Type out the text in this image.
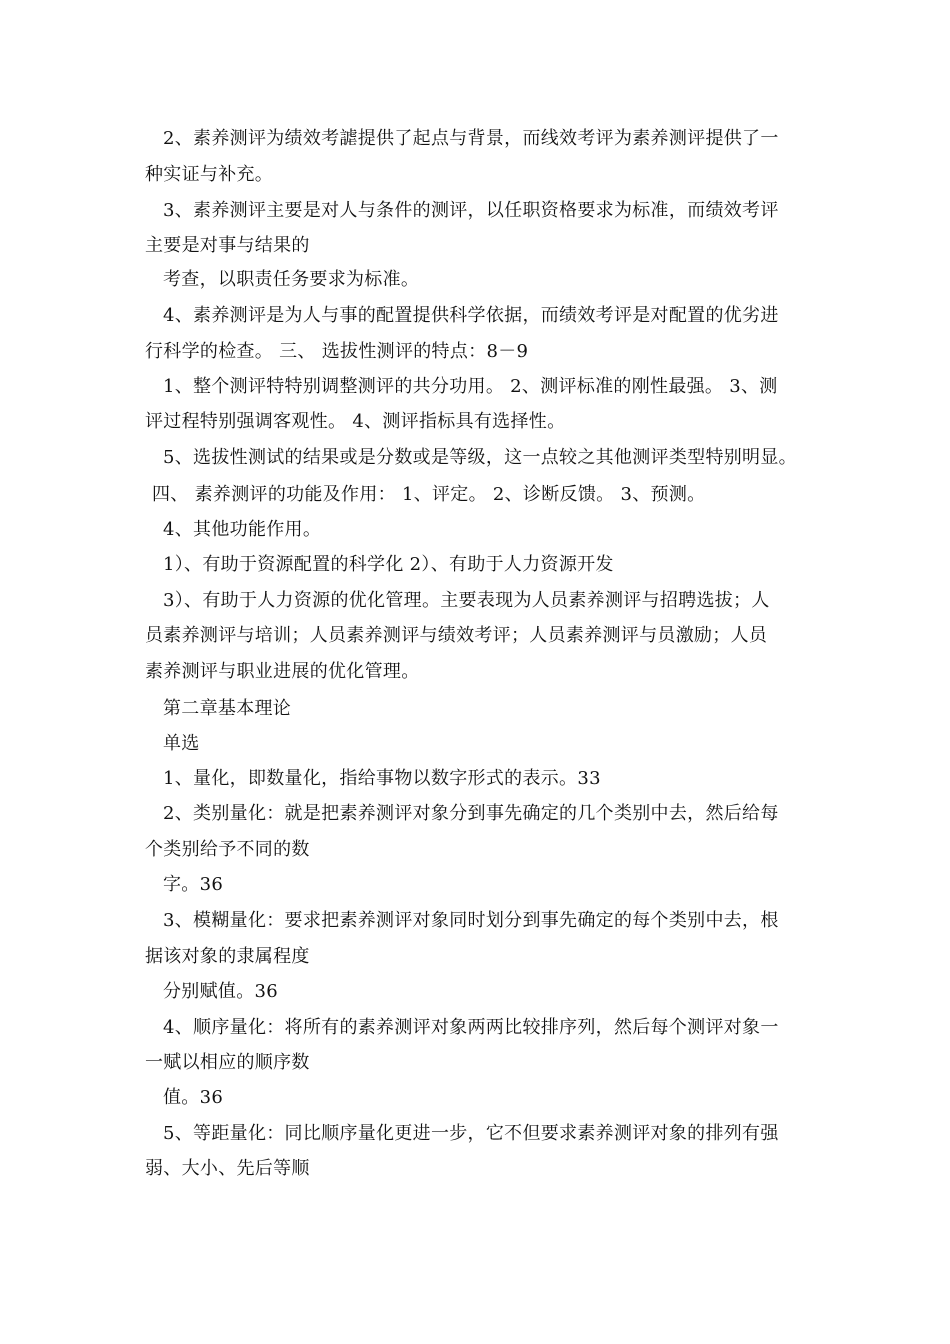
2、素养测评为绩效考謔提供了起点与背景，而线效考评为素养测评提供了一
种实证与补充。
3、素养测评主要是对人与条件的测评，以任职资格要求为标准，而绩效考评
主要是对事与结果的
考查，以职责任务要求为标准。
4、素养测评是为人与事的配置提供科学依据，而绩效考评是对配置的优劣进
行科学的检查。 三、 选拔性测评的特点：8－9
1、整个测评特特别调整测评的共分功用。 2、测评标准的刚性最强。 3、测
评过程特别强调客观性。 4、测评指标具有选择性。
5、选拔性测试的结果或是分数或是等级，这一点较之其他测评类型特别明显。
四、 素养测评的功能及作用： 1、评定。 2、诊断反馈。 3、预测。
4、其他功能作用。
1）、有助于资源配置的科学化 2）、有助于人力资源开发
3）、有助于人力资源的优化管理。主要表现为人员素养测评与招聘选拔；人
员素养测评与培训；人员素养测评与绩效考评；人员素养测评与员激励；人员
素养测评与职业进展的优化管理。
第二章基本理论
单选
1、量化，即数量化，指给事物以数字形式的表示。33
2、类别量化：就是把素养测评对象分到事先确定的几个类别中去，然后给每
个类别给予不同的数
字。36
3、模糊量化：要求把素养测评对象同时划分到事先确定的每个类别中去，根
据该对象的隶属程度
分别赋值。36
4、顺序量化：将所有的素养测评对象两两比较排序列，然后每个测评对象一
一赋以相应的顺序数
值。36
5、等距量化：同比顺序量化更进一步，它不但要求素养测评对象的排列有强
弱、大小、先后等顺
